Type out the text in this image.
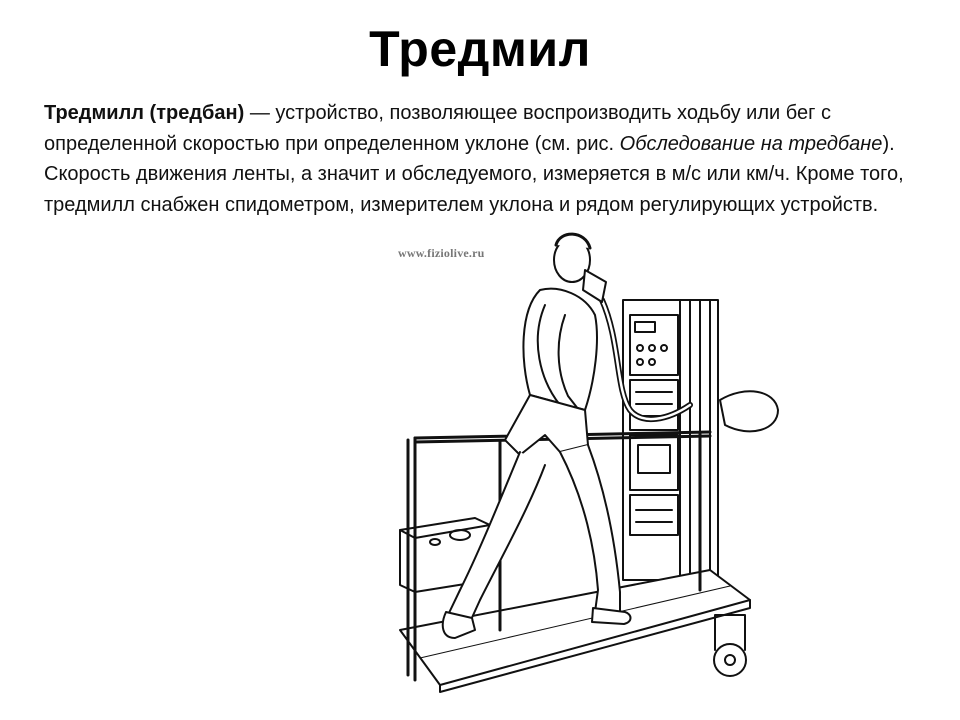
Тредмил
Тредмилл (тредбан) — устройство, позволяющее воспроизводить ходьбу или бег с определенной скоростью при определенном уклоне (см. рис. Обследование на тредбане). Скорость движения ленты, а значит и обследуемого, измеряется в м/с или км/ч. Кроме того, тредмилл снабжен спидометром, измерителем уклона и рядом регулирующих устройств.
www.fiziolive.ru
